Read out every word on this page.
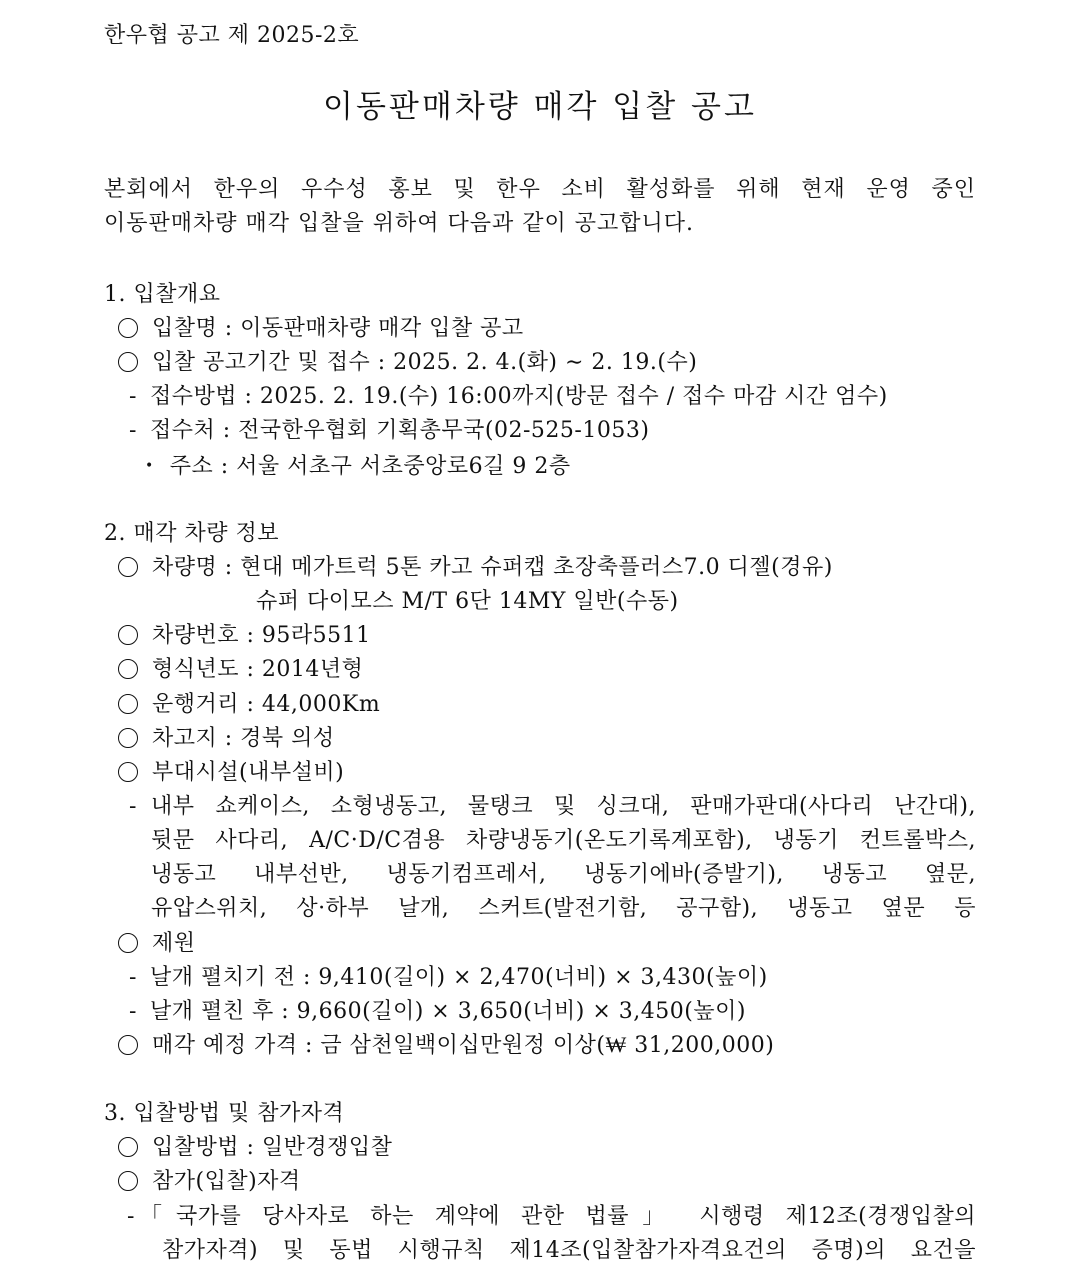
한우협 공고 제 2025-2호
이동판매차량 매각 입찰 공고
본회에서 한우의 우수성 홍보 및 한우 소비 활성화를 위해 현재 운영 중인
이동판매차량 매각 입찰을 위하여 다음과 같이 공고합니다.
1. 입찰개요
입찰명 : 이동판매차량 매각 입찰 공고
입찰 공고기간 및 접수 : 2025. 2. 4.(화) ∼ 2. 19.(수)
- 접수방법 : 2025. 2. 19.(수) 16:00까지(방문 접수 / 접수 마감 시간 엄수)
- 접수처 : 전국한우협회 기획총무국(02-525-1053)
• 주소 : 서울 서초구 서초중앙로6길 9 2층
2. 매각 차량 정보
차량명 : 현대 메가트럭 5톤 카고 슈퍼캡 초장축플러스7.0 디젤(경유)
슈퍼 다이모스 M/T 6단 14MY 일반(수동)
차량번호 : 95라5511
형식년도 : 2014년형
운행거리 : 44,000Km
차고지 : 경북 의성
부대시설(내부설비)
- 내부 쇼케이스, 소형냉동고, 물탱크 및 싱크대, 판매가판대(사다리 난간대),
뒷문 사다리, A/C·D/C겸용 차량냉동기(온도기록계포함), 냉동기 컨트롤박스,
냉동고 내부선반, 냉동기컴프레서, 냉동기에바(증발기), 냉동고 옆문,
유압스위치, 상·하부 날개, 스커트(발전기함, 공구함), 냉동고 옆문 등
제원
- 날개 펼치기 전 : 9,410(길이) × 2,470(너비) × 3,430(높이)
- 날개 펼친 후 : 9,660(길이) × 3,650(너비) × 3,450(높이)
매각 예정 가격 : 금 삼천일백이십만원정 이상(₩ 31,200,000)
3. 입찰방법 및 참가자격
입찰방법 : 일반경쟁입찰
참가(입찰)자격
- 「국가를 당사자로 하는 계약에 관한 법률」 시행령 제12조(경쟁입찰의
참가자격) 및 동법 시행규칙 제14조(입찰참가자격요건의 증명)의 요건을
